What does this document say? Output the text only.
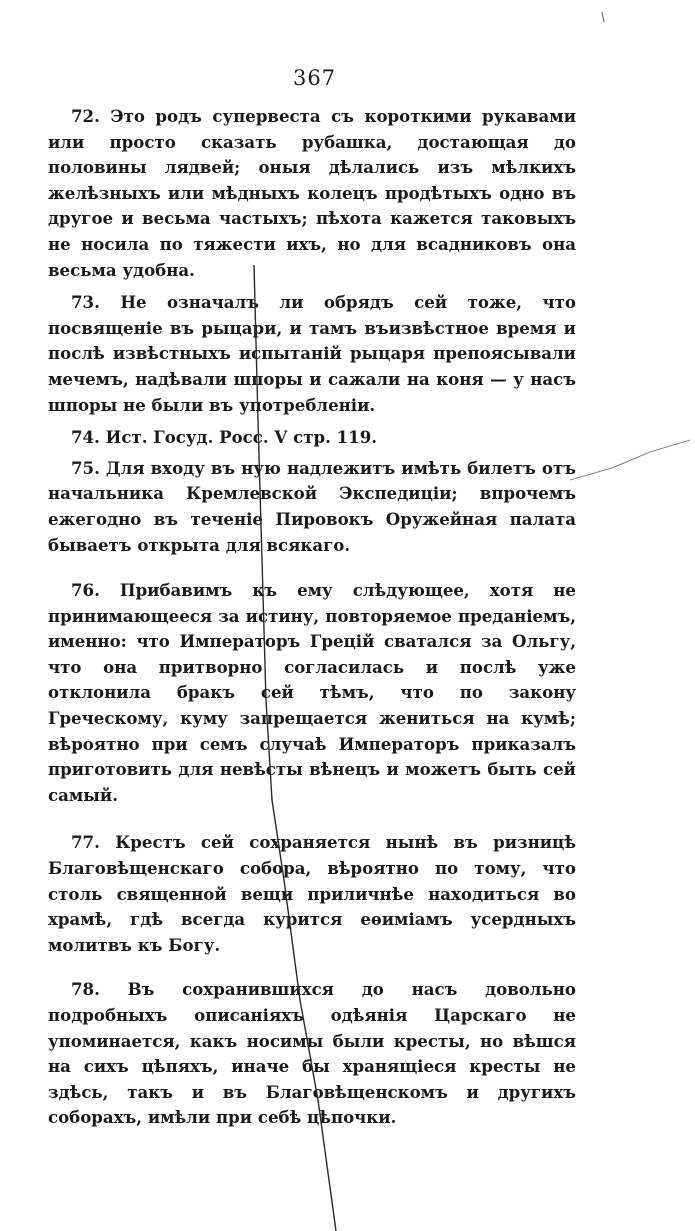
367

72. Это родъ супервеста съ короткими рукавами или просто сказать рубашка, достающая до половины лядвей; оныя дѣлались изъ мѣлкихъ желѣзныхъ или мѣдныхъ колецъ продѣтыхъ одно въ другое и весьма частыхъ; пѣхота кажется таковыхъ не носила по тяжести ихъ, но для всадниковъ она весьма удобна.

73. Не означалъ ли обрядъ сей тоже, что посвященіе въ рыцари, и тамъ въизвѣстное время и послѣ извѣстныхъ испытаній рыцаря препоясывали мечемъ, надѣвали шпоры и сажали на коня — у насъ шпоры не были въ употребленіи.

74. Ист. Госуд. Росс. V стр. 119.

75. Для входу въ ную надлежитъ имѣть билетъ отъ начальника Кремлевской Экспедиціи; впрочемъ ежегодно въ теченіе Пировокъ Оружейная палата бываетъ открыта для всякаго.

76. Прибавимъ къ ему слѣдующее, хотя не принимающееся за истину, повторяемое преданіемъ, именно: что Императоръ Грецій сватался за Ольгу, что она притворно согласилась и послѣ уже отклонила бракъ сей тѣмъ, что по закону Греческому, куму запрещается жениться на кумѣ; вѣроятно при семъ случаѣ Императоръ приказалъ приготовить для невѣсты вѣнецъ и можетъ быть сей самый.

77. Крестъ сей сохраняется нынѣ въ ризницѣ Благовѣщенскаго собора, вѣроятно по тому, что столь священной вещи приличнѣе находиться во храмѣ, гдѣ всегда курится еѳиміамъ усердныхъ молитвъ къ Богу.

78. Въ сохранившихся до насъ довольно подробныхъ описаніяхъ одѣянія Царскаго не упоминается, какъ носимы были кресты, но вѣшся на сихъ цѣпяхъ, иначе бы хранящіеся кресты не здѣсь, такъ и въ Благовѣщенскомъ и другихъ соборахъ, имѣли при себѣ цѣпочки.
